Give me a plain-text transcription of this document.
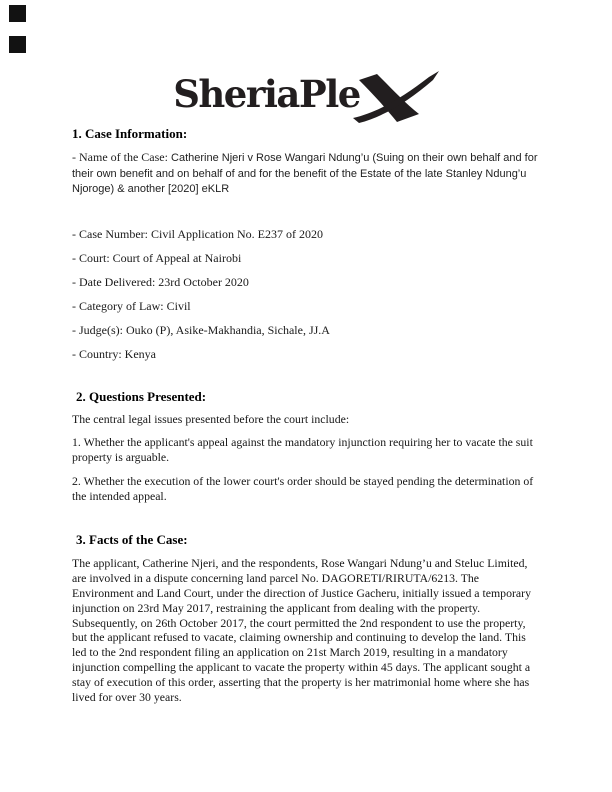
SheriaPle
1. Case Information:

- Name of the Case: Catherine Njeri v Rose Wangari Ndung’u (Suing on their own behalf and for their own benefit and on behalf of and for the benefit of the Estate of the late Stanley Ndung’u Njoroge) & another [2020] eKLR

- Case Number: Civil Application No. E237 of 2020

- Court: Court of Appeal at Nairobi

- Date Delivered: 23rd October 2020

- Category of Law: Civil

- Judge(s): Ouko (P), Asike-Makhandia, Sichale, JJ.A

- Country: Kenya

2. Questions Presented:

The central legal issues presented before the court include:

1. Whether the applicant's appeal against the mandatory injunction requiring her to vacate the suit property is arguable.

2. Whether the execution of the lower court's order should be stayed pending the determination of the intended appeal.

3. Facts of the Case:

The applicant, Catherine Njeri, and the respondents, Rose Wangari Ndung’u and Steluc Limited, are involved in a dispute concerning land parcel No. DAGORETI/RIRUTA/6213. The Environment and Land Court, under the direction of Justice Gacheru, initially issued a temporary injunction on 23rd May 2017, restraining the applicant from dealing with the property. Subsequently, on 26th October 2017, the court permitted the 2nd respondent to use the property, but the applicant refused to vacate, claiming ownership and continuing to develop the land. This led to the 2nd respondent filing an application on 21st March 2019, resulting in a mandatory injunction compelling the applicant to vacate the property within 45 days. The applicant sought a stay of execution of this order, asserting that the property is her matrimonial home where she has lived for over 30 years.
